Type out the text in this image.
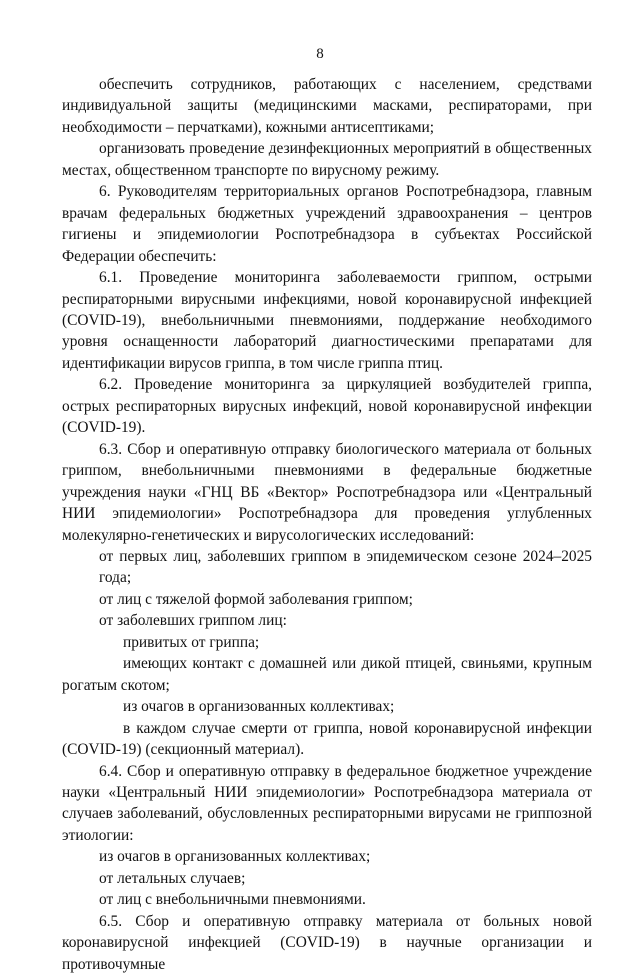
8

обеспечить сотрудников, работающих с населением, средствами индивидуальной защиты (медицинскими масками, респираторами, при необходимости – перчатками), кожными антисептиками;

организовать проведение дезинфекционных мероприятий в общественных местах, общественном транспорте по вирусному режиму.

6. Руководителям территориальных органов Роспотребнадзора, главным врачам федеральных бюджетных учреждений здравоохранения – центров гигиены и эпидемиологии Роспотребнадзора в субъектах Российской Федерации обеспечить:

6.1. Проведение мониторинга заболеваемости гриппом, острыми респираторными вирусными инфекциями, новой коронавирусной инфекцией (COVID-19), внебольничными пневмониями, поддержание необходимого уровня оснащенности лабораторий диагностическими препаратами для идентификации вирусов гриппа, в том числе гриппа птиц.

6.2. Проведение мониторинга за циркуляцией возбудителей гриппа, острых респираторных вирусных инфекций, новой коронавирусной инфекции (COVID-19).

6.3. Сбор и оперативную отправку биологического материала от больных гриппом, внебольничными пневмониями в федеральные бюджетные учреждения науки «ГНЦ ВБ «Вектор» Роспотребнадзора или «Центральный НИИ эпидемиологии» Роспотребнадзора для проведения углубленных молекулярно-генетических и вирусологических исследований:

от первых лиц, заболевших гриппом в эпидемическом сезоне 2024–2025 года;

от лиц с тяжелой формой заболевания гриппом;

от заболевших гриппом лиц:

привитых от гриппа;

имеющих контакт с домашней или дикой птицей, свиньями, крупным рогатым скотом;

из очагов в организованных коллективах;

в каждом случае смерти от гриппа, новой коронавирусной инфекции (COVID-19) (секционный материал).

6.4. Сбор и оперативную отправку в федеральное бюджетное учреждение науки «Центральный НИИ эпидемиологии» Роспотребнадзора материала от случаев заболеваний, обусловленных респираторными вирусами не гриппозной этиологии:

из очагов в организованных коллективах;

от летальных случаев;

от лиц с внебольничными пневмониями.

6.5. Сбор и оперативную отправку материала от больных новой коронавирусной инфекцией (COVID-19) в научные организации и противочумные
